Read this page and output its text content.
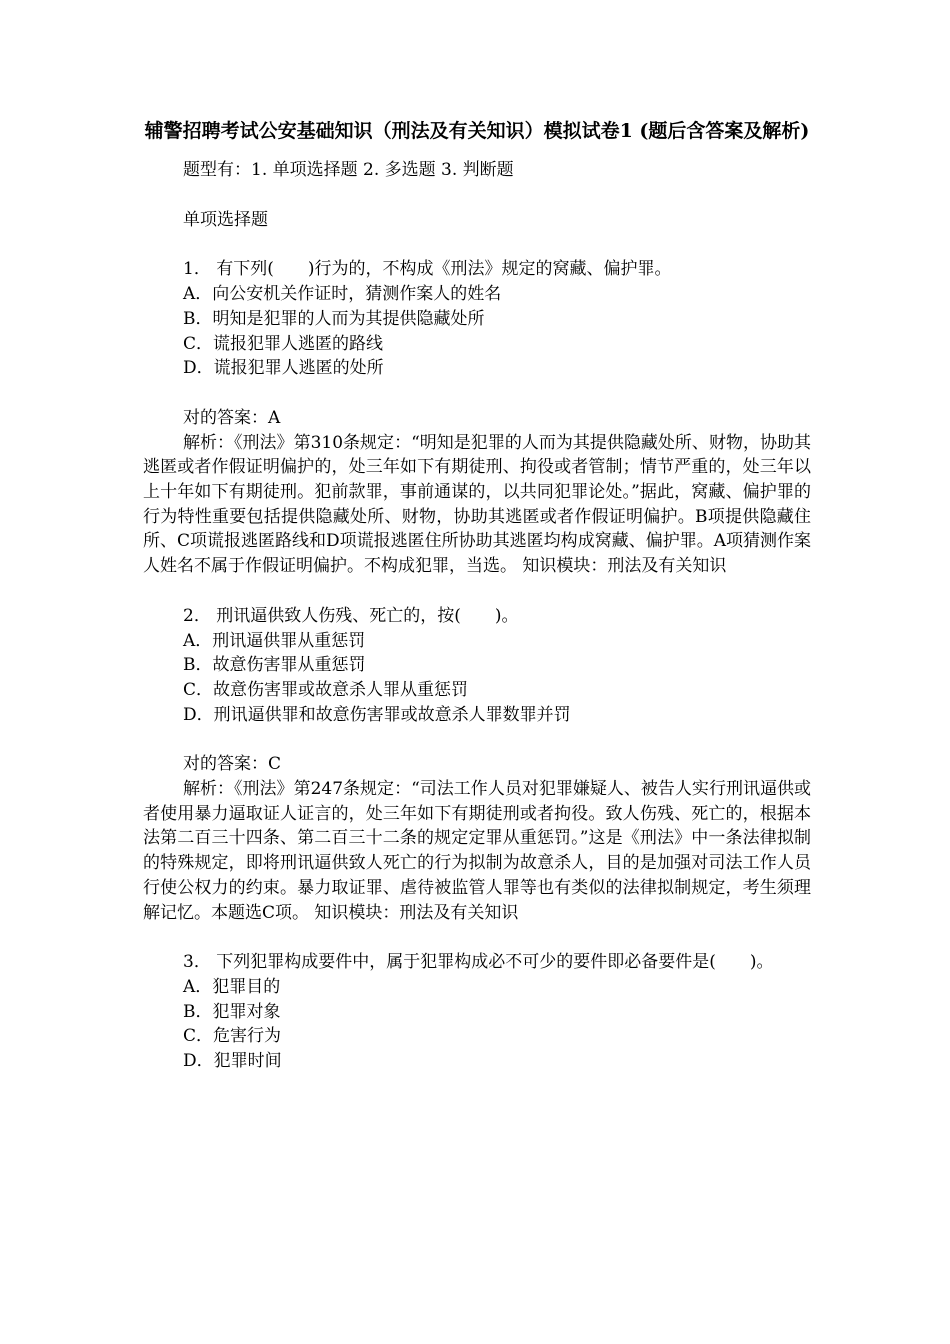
辅警招聘考试公安基础知识（刑法及有关知识）模拟试卷1 (题后含答案及解析)

题型有：1. 单项选择题 2. 多选题 3. 判断题

单项选择题

1． 有下列(　　)行为的，不构成《刑法》规定的窝藏、偏护罪。

A．向公安机关作证时，猜测作案人的姓名

B．明知是犯罪的人而为其提供隐藏处所

C．谎报犯罪人逃匿的路线

D．谎报犯罪人逃匿的处所

对的答案：A

解析：《刑法》第310条规定：“明知是犯罪的人而为其提供隐藏处所、财物，协助其逃匿或者作假证明偏护的，处三年如下有期徒刑、拘役或者管制；情节严重的，处三年以上十年如下有期徒刑。犯前款罪，事前通谋的，以共同犯罪论处。”据此，窝藏、偏护罪的行为特性重要包括提供隐藏处所、财物，协助其逃匿或者作假证明偏护。B项提供隐藏住所、C项谎报逃匿路线和D项谎报逃匿住所协助其逃匿均构成窝藏、偏护罪。A项猜测作案人姓名不属于作假证明偏护。不构成犯罪，当选。 知识模块：刑法及有关知识

2． 刑讯逼供致人伤残、死亡的，按(　　)。

A．刑讯逼供罪从重惩罚

B．故意伤害罪从重惩罚

C．故意伤害罪或故意杀人罪从重惩罚

D．刑讯逼供罪和故意伤害罪或故意杀人罪数罪并罚

对的答案：C

解析：《刑法》第247条规定：“司法工作人员对犯罪嫌疑人、被告人实行刑讯逼供或者使用暴力逼取证人证言的，处三年如下有期徒刑或者拘役。致人伤残、死亡的，根据本法第二百三十四条、第二百三十二条的规定定罪从重惩罚。”这是《刑法》中一条法律拟制的特殊规定，即将刑讯逼供致人死亡的行为拟制为故意杀人，目的是加强对司法工作人员行使公权力的约束。暴力取证罪、虐待被监管人罪等也有类似的法律拟制规定，考生须理解记忆。本题选C项。 知识模块：刑法及有关知识

3． 下列犯罪构成要件中，属于犯罪构成必不可少的要件即必备要件是(　　)。

A．犯罪目的

B．犯罪对象

C．危害行为

D．犯罪时间
